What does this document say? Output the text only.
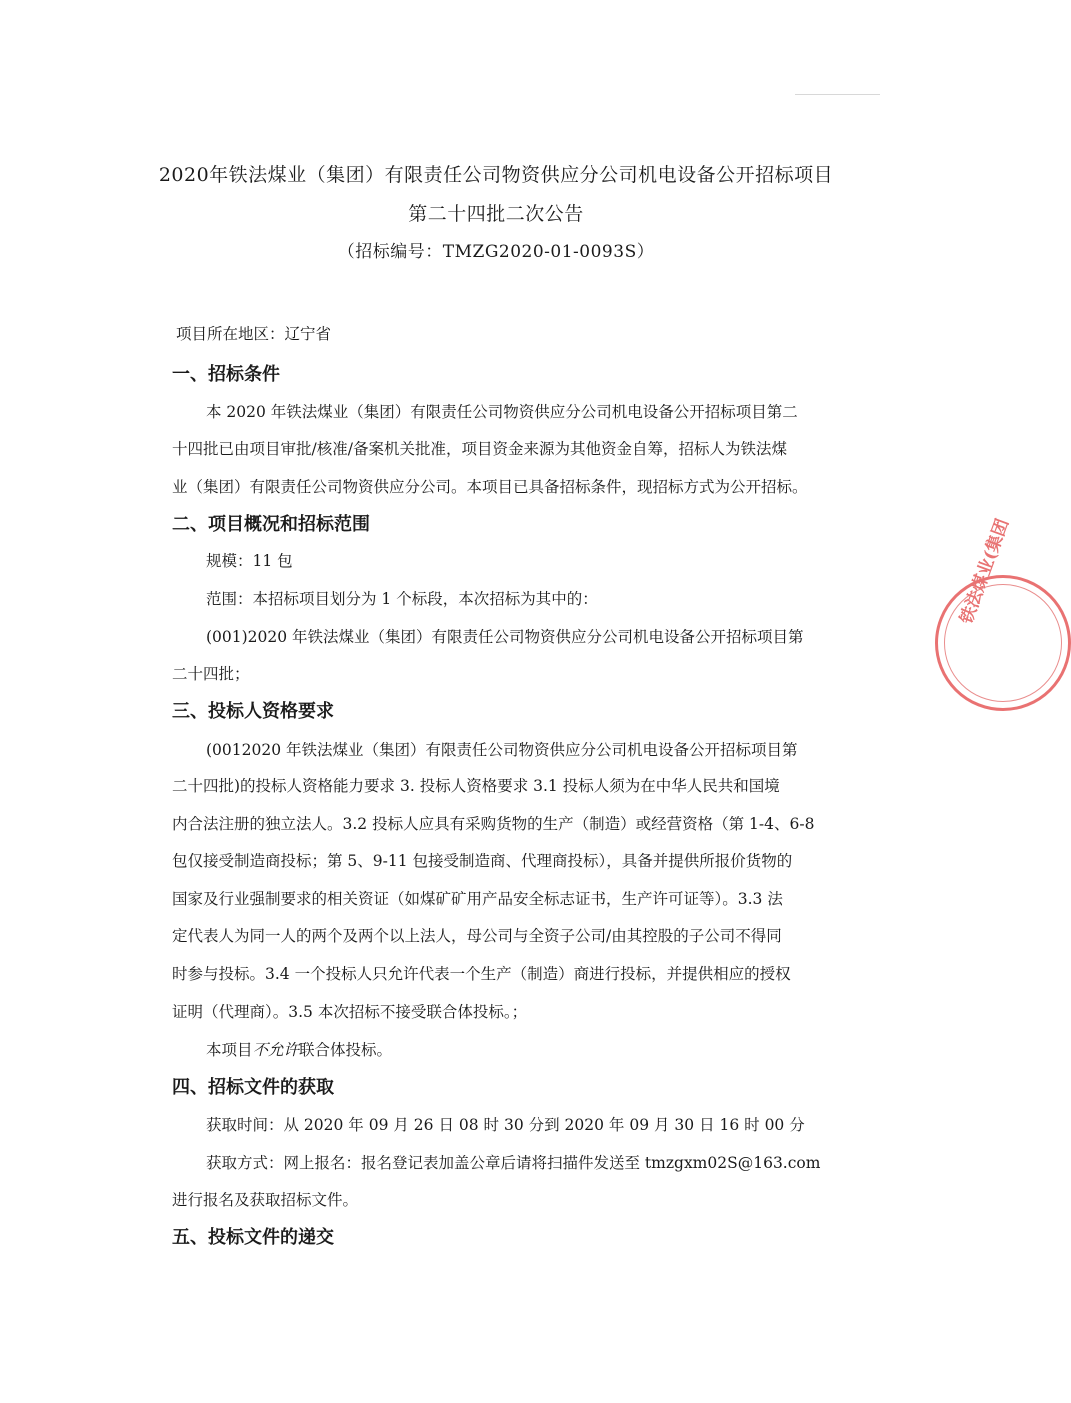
2020年铁法煤业（集团）有限责任公司物资供应分公司机电设备公开招标项目
第二十四批二次公告
（招标编号：TMZG2020-01-0093S）
项目所在地区：辽宁省
一、招标条件
本 2020 年铁法煤业（集团）有限责任公司物资供应分公司机电设备公开招标项目第二
十四批已由项目审批/核准/备案机关批准，项目资金来源为其他资金自筹，招标人为铁法煤
业（集团）有限责任公司物资供应分公司。本项目已具备招标条件，现招标方式为公开招标。
二、项目概况和招标范围
规模：11 包
范围：本招标项目划分为 1 个标段，本次招标为其中的：
(001)2020 年铁法煤业（集团）有限责任公司物资供应分公司机电设备公开招标项目第
二十四批；
三、投标人资格要求
(0012020 年铁法煤业（集团）有限责任公司物资供应分公司机电设备公开招标项目第
二十四批)的投标人资格能力要求 3. 投标人资格要求 3.1 投标人须为在中华人民共和国境
内合法注册的独立法人。3.2 投标人应具有采购货物的生产（制造）或经营资格（第 1-4、6-8
包仅接受制造商投标；第 5、9-11 包接受制造商、代理商投标），具备并提供所报价货物的
国家及行业强制要求的相关资证（如煤矿矿用产品安全标志证书，生产许可证等）。3.3 法
定代表人为同一人的两个及两个以上法人，母公司与全资子公司/由其控股的子公司不得同
时参与投标。3.4 一个投标人只允许代表一个生产（制造）商进行投标，并提供相应的授权
证明（代理商）。3.5 本次招标不接受联合体投标。；
本项目不允许联合体投标。
四、招标文件的获取
获取时间：从 2020 年 09 月 26 日 08 时 30 分到 2020 年 09 月 30 日 16 时 00 分
获取方式：网上报名：报名登记表加盖公章后请将扫描件发送至 tmzgxm02S@163.com
进行报名及获取招标文件。
五、投标文件的递交
铁法煤业(集团
